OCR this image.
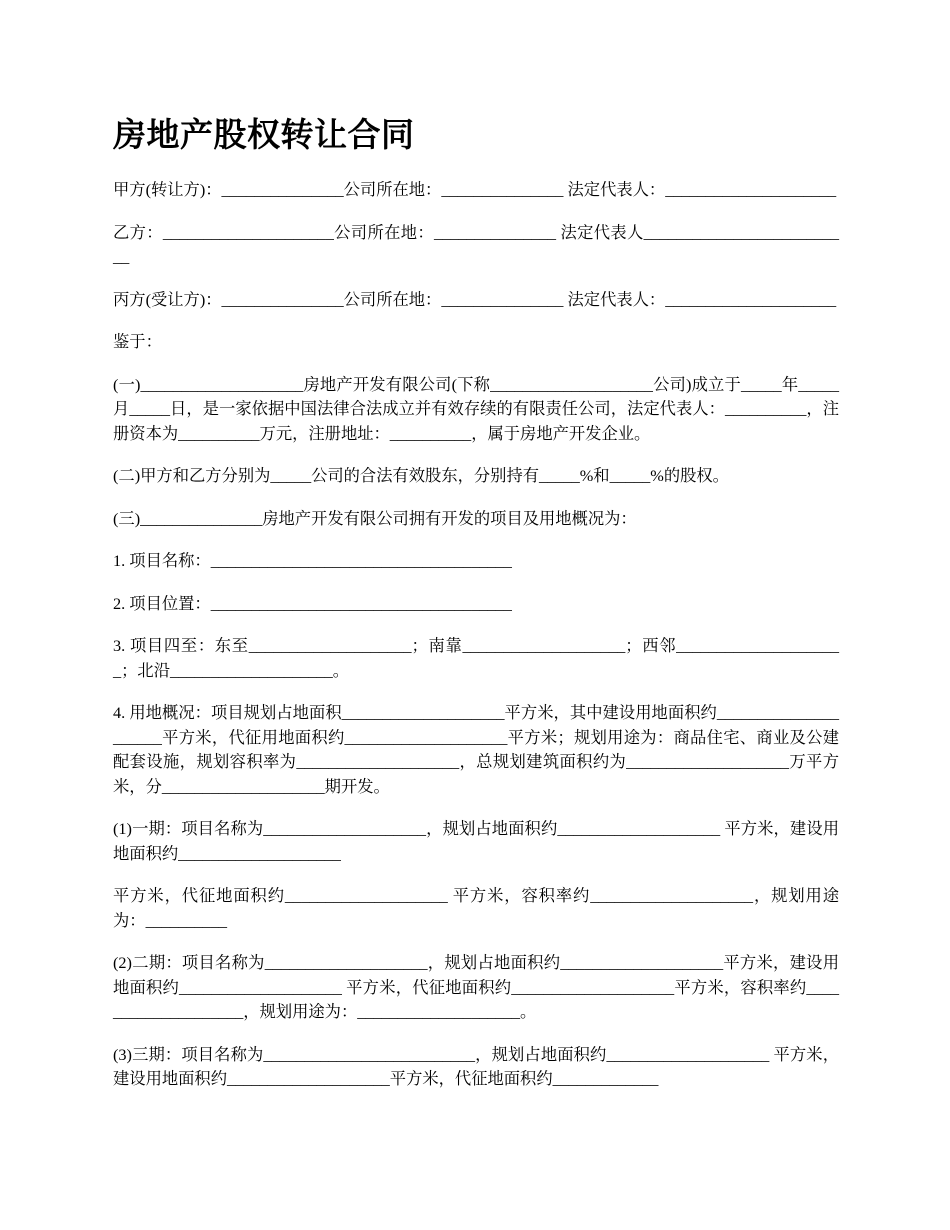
房地产股权转让合同

甲方(转让方)：_______________公司所在地：_______________ 法定代表人：_____________________

乙方：_____________________公司所在地：_______________ 法定代表人__________________________

丙方(受让方)：_______________公司所在地：_______________ 法定代表人：_____________________

鉴于：

(一)____________________房地产开发有限公司(下称____________________公司)成立于_____年_____月_____日，是一家依据中国法律合法成立并有效存续的有限责任公司，法定代表人：__________，注册资本为__________万元，注册地址：__________，属于房地产开发企业。

(二)甲方和乙方分别为_____公司的合法有效股东，分别持有_____%和_____%的股权。

(三)_______________房地产开发有限公司拥有开发的项目及用地概况为：

1. 项目名称：_____________________________________

2. 项目位置：_____________________________________

3. 项目四至：东至____________________；南靠____________________；西邻_____________________；北沿____________________。

4. 用地概况：项目规划占地面积____________________平方米，其中建设用地面积约_____________________平方米，代征用地面积约____________________平方米；规划用途为：商品住宅、商业及公建配套设施，规划容积率为____________________，总规划建筑面积约为____________________万平方米，分____________________期开发。

(1)一期：项目名称为____________________，规划占地面积约____________________ 平方米，建设用地面积约____________________

平方米，代征地面积约____________________ 平方米，容积率约____________________，规划用途为：__________

(2)二期：项目名称为____________________，规划占地面积约____________________平方米，建设用地面积约____________________ 平方米，代征地面积约____________________平方米，容积率约____________________，规划用途为：____________________。

(3)三期：项目名称为__________________________，规划占地面积约____________________ 平方米，建设用地面积约____________________平方米，代征地面积约_____________
